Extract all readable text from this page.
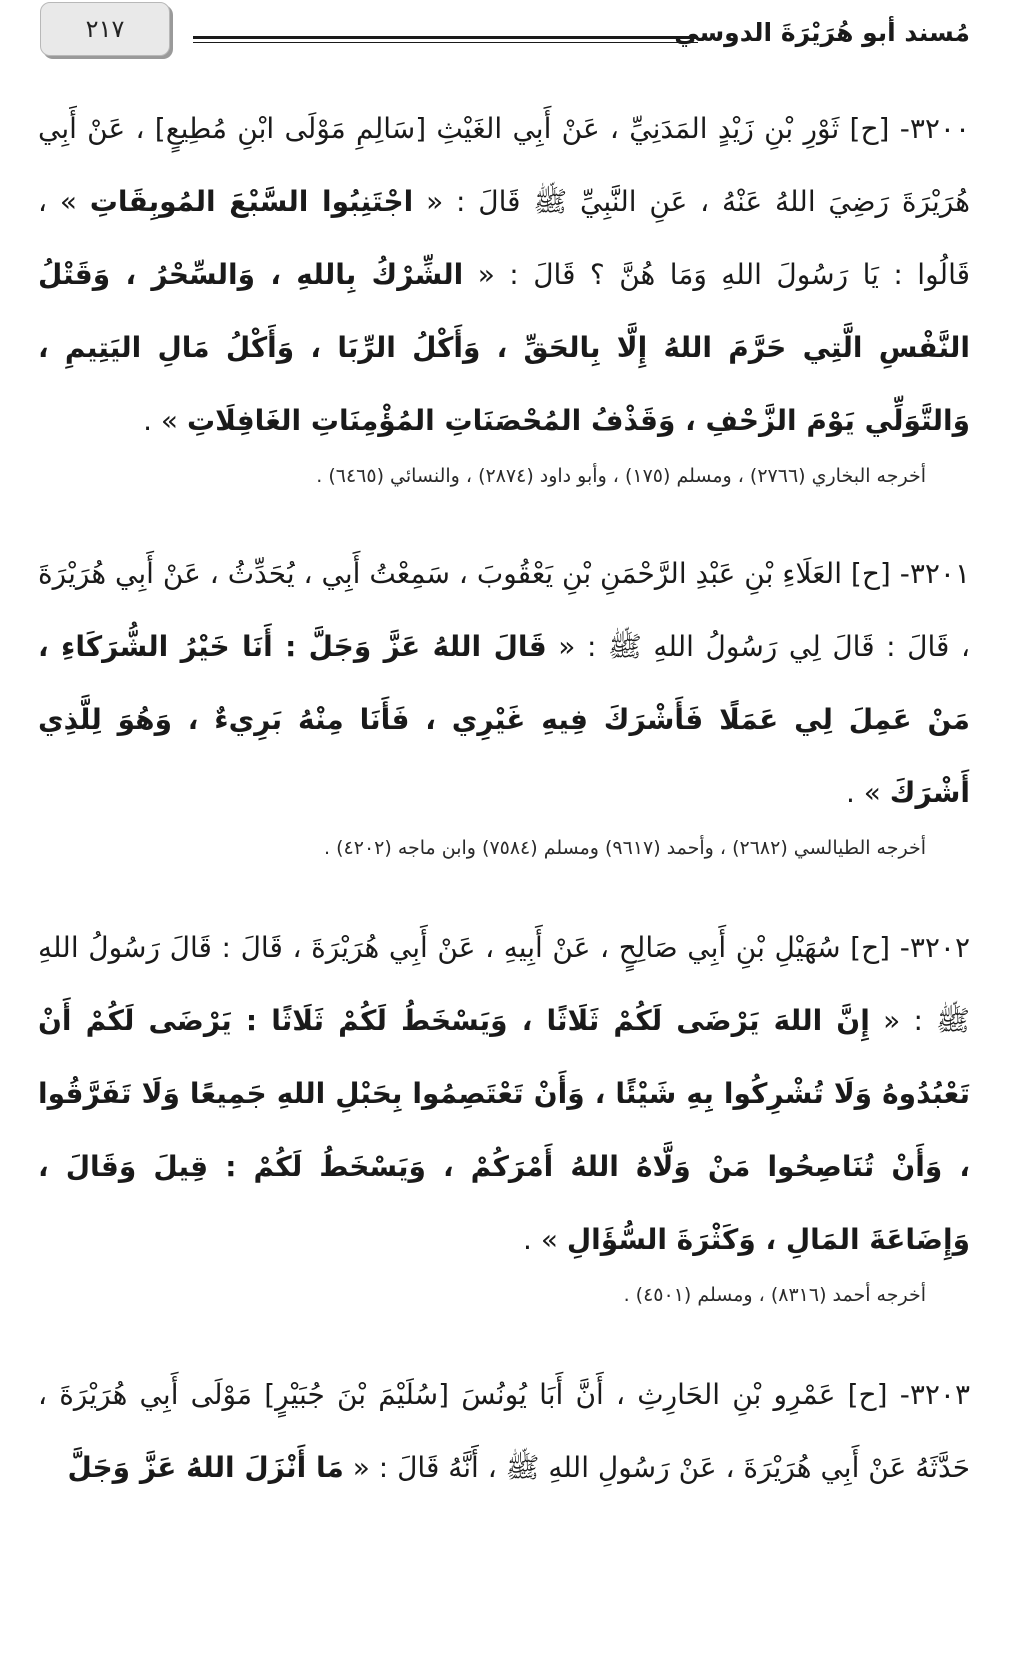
٢١٧	مُسند أبو هُرَيْرَةَ الدوسي
٣٢٠٠- [ح] ثَوْرِ بْنِ زَيْدٍ المَدَنِيِّ ، عَنْ أَبِي الغَيْثِ [سَالِمِ مَوْلَى ابْنِ مُطِيعٍ] ، عَنْ أَبِي هُرَيْرَةَ رَضِيَ اللهُ عَنْهُ ، عَنِ النَّبِيِّ ﷺ قَالَ : « اجْتَنِبُوا السَّبْعَ المُوبِقَاتِ » ، قَالُوا : يَا رَسُولَ اللهِ وَمَا هُنَّ ؟ قَالَ : « الشِّرْكُ بِاللهِ ، وَالسِّحْرُ ، وَقَتْلُ النَّفْسِ الَّتِي حَرَّمَ اللهُ إِلَّا بِالحَقِّ ، وَأَكْلُ الرِّبَا ، وَأَكْلُ مَالِ اليَتِيمِ ، وَالتَّوَلِّي يَوْمَ الزَّحْفِ ، وَقَذْفُ المُحْصَنَاتِ المُؤْمِنَاتِ الغَافِلَاتِ » .
أخرجه البخاري (٢٧٦٦) ، ومسلم (١٧٥) ، وأبو داود (٢٨٧٤) ، والنسائي (٦٤٦٥) .
٣٢٠١- [ح] العَلَاءِ بْنِ عَبْدِ الرَّحْمَنِ بْنِ يَعْقُوبَ ، سَمِعْتُ أَبِي ، يُحَدِّثُ ، عَنْ أَبِي هُرَيْرَةَ ، قَالَ : قَالَ لِي رَسُولُ اللهِ ﷺ : « قَالَ اللهُ عَزَّ وَجَلَّ : أَنَا خَيْرُ الشُّرَكَاءِ ، مَنْ عَمِلَ لِي عَمَلًا فَأَشْرَكَ فِيهِ غَيْرِي ، فَأَنَا مِنْهُ بَرِيءٌ ، وَهُوَ لِلَّذِي أَشْرَكَ » .
أخرجه الطيالسي (٢٦٨٢) ، وأحمد (٩٦١٧) ومسلم (٧٥٨٤) وابن ماجه (٤٢٠٢) .
٣٢٠٢- [ح] سُهَيْلِ بْنِ أَبِي صَالِحٍ ، عَنْ أَبِيهِ ، عَنْ أَبِي هُرَيْرَةَ ، قَالَ : قَالَ رَسُولُ اللهِ ﷺ : « إِنَّ اللهَ يَرْضَى لَكُمْ ثَلَاثًا ، وَيَسْخَطُ لَكُمْ ثَلَاثًا : يَرْضَى لَكُمْ أَنْ تَعْبُدُوهُ وَلَا تُشْرِكُوا بِهِ شَيْئًا ، وَأَنْ تَعْتَصِمُوا بِحَبْلِ اللهِ جَمِيعًا وَلَا تَفَرَّقُوا ، وَأَنْ تُنَاصِحُوا مَنْ وَلَّاهُ اللهُ أَمْرَكُمْ ، وَيَسْخَطُ لَكُمْ : قِيلَ وَقَالَ ، وَإِضَاعَةَ المَالِ ، وَكَثْرَةَ السُّؤَالِ » .
أخرجه أحمد (٨٣١٦) ، ومسلم (٤٥٠١) .
٣٢٠٣- [ح] عَمْرِو بْنِ الحَارِثِ ، أَنَّ أَبَا يُونُسَ [سُلَيْمَ بْنَ جُبَيْرٍ] مَوْلَى أَبِي هُرَيْرَةَ ، حَدَّثَهُ عَنْ أَبِي هُرَيْرَةَ ، عَنْ رَسُولِ اللهِ ﷺ ، أَنَّهُ قَالَ : « مَا أَنْزَلَ اللهُ عَزَّ وَجَلَّ
